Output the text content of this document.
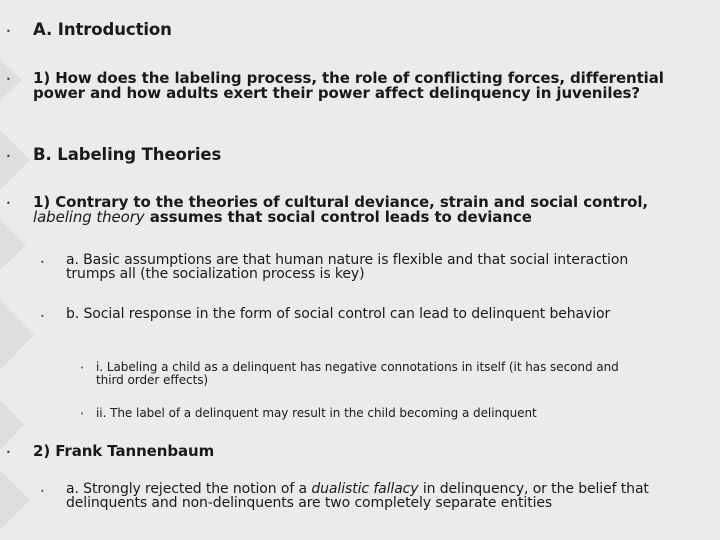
• A. Introduction
• 1) How does the labeling process, the role of conflicting forces, differential power and how adults exert their power affect delinquency in juveniles?
• B. Labeling Theories
• 1) Contrary to the theories of cultural deviance, strain and social control, labeling theory assumes that social control leads to deviance
• a. Basic assumptions are that human nature is flexible and that social interaction trumps all (the socialization process is key)
• b. Social response in the form of social control can lead to delinquent behavior
• i. Labeling a child as a delinquent has negative connotations in itself (it has second and third order effects)
• ii. The label of a delinquent may result in the child becoming a delinquent
• 2) Frank Tannenbaum
• a. Strongly rejected the notion of a dualistic fallacy in delinquency, or the belief that delinquents and non-delinquents are two completely separate entities
